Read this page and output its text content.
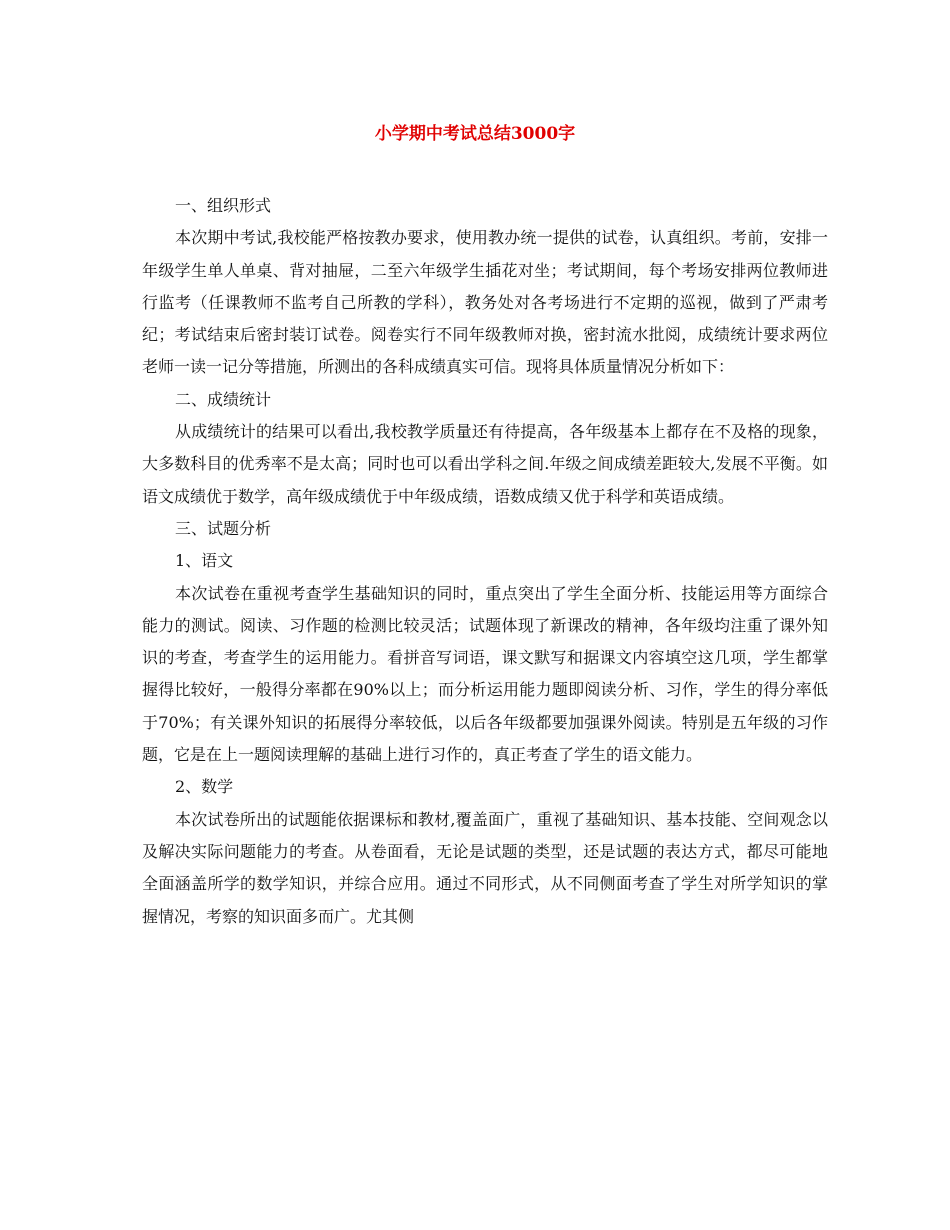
小学期中考试总结3000字

一、组织形式

本次期中考试,我校能严格按教办要求，使用教办统一提供的试卷，认真组织。考前，安排一年级学生单人单桌、背对抽屉，二至六年级学生插花对坐；考试期间，每个考场安排两位教师进行监考（任课教师不监考自己所教的学科），教务处对各考场进行不定期的巡视，做到了严肃考纪；考试结束后密封装订试卷。阅卷实行不同年级教师对换，密封流水批阅，成绩统计要求两位老师一读一记分等措施，所测出的各科成绩真实可信。现将具体质量情况分析如下：

二、成绩统计

从成绩统计的结果可以看出,我校教学质量还有待提高，各年级基本上都存在不及格的现象，大多数科目的优秀率不是太高；同时也可以看出学科之间.年级之间成绩差距较大,发展不平衡。如语文成绩优于数学，高年级成绩优于中年级成绩，语数成绩又优于科学和英语成绩。

三、试题分析

1、语文

本次试卷在重视考查学生基础知识的同时，重点突出了学生全面分析、技能运用等方面综合能力的测试。阅读、习作题的检测比较灵活；试题体现了新课改的精神，各年级均注重了课外知识的考查，考查学生的运用能力。看拼音写词语，课文默写和据课文内容填空这几项，学生都掌握得比较好，一般得分率都在90%以上；而分析运用能力题即阅读分析、习作，学生的得分率低于70%；有关课外知识的拓展得分率较低，以后各年级都要加强课外阅读。特别是五年级的习作题，它是在上一题阅读理解的基础上进行习作的，真正考查了学生的语文能力。

2、数学

本次试卷所出的试题能依据课标和教材,覆盖面广，重视了基础知识、基本技能、空间观念以及解决实际问题能力的考查。从卷面看，无论是试题的类型，还是试题的表达方式，都尽可能地全面涵盖所学的数学知识，并综合应用。通过不同形式，从不同侧面考查了学生对所学知识的掌握情况，考察的知识面多而广。尤其侧
